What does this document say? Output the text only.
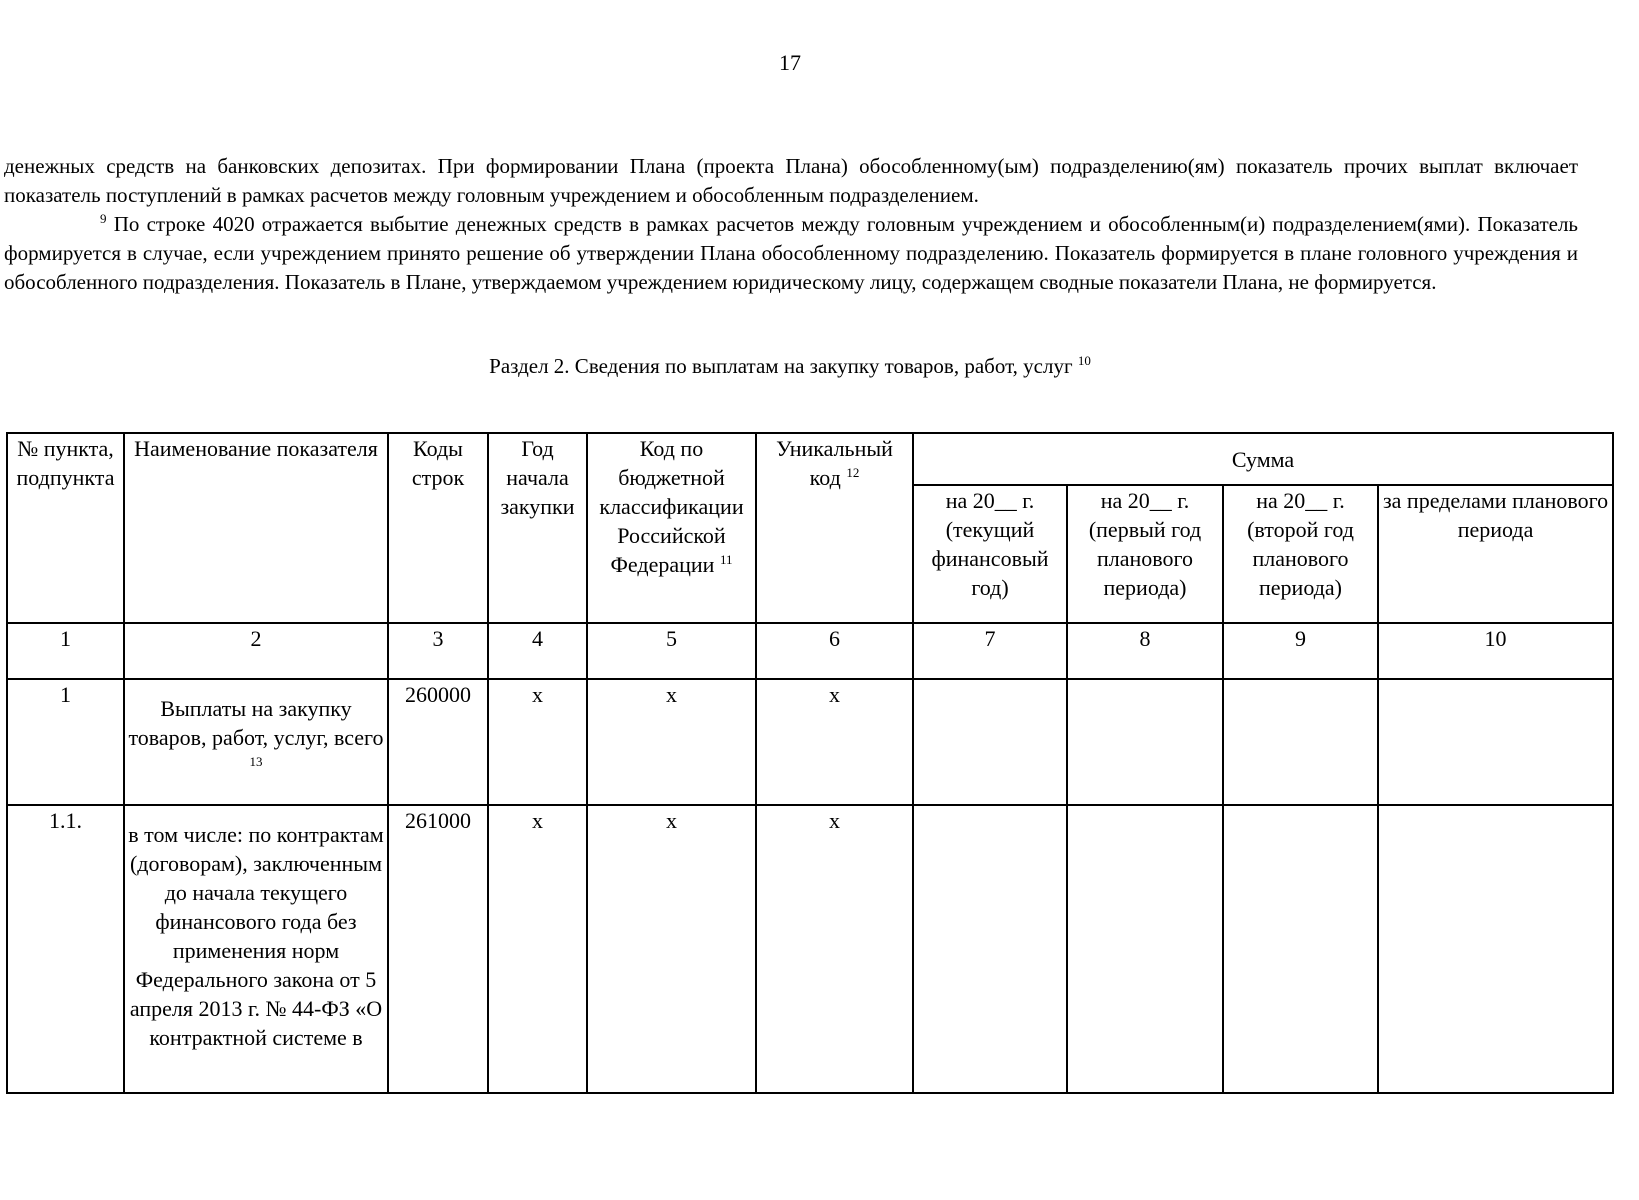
17

денежных средств на банковских депозитах. При формировании Плана (проекта Плана) обособленному(ым) подразделению(ям) показатель прочих выплат включает показатель поступлений в рамках расчетов между головным учреждением и обособленным подразделением.

$^9$ По строке 4020 отражается выбытие денежных средств в рамках расчетов между головным учреждением и обособленным(и) подразделением(ями). Показатель формируется в случае, если учреждением принято решение об утверждении Плана обособленному подразделению. Показатель формируется в плане головного учреждения и обособленного подразделения. Показатель в Плане, утверждаемом учреждением юридическому лицу, содержащем сводные показатели Плана, не формируется.

Раздел 2. Сведения по выплатам на закупку товаров, работ, услуг $^{10}$
№ пункта, подпункта	Наименование показателя	Коды строк	Год начала закупки	Код по бюджетной классификации Российской Федерации $^{11}$	Уникальный код $^{12}$	Сумма			
						на 20__ г. (текущий финансовый год)	на 20__ г. (первый год планового периода)	на 20__ г. (второй год планового периода)	за пределами планового периода
1	2	3	4	5	6	7	8	9	10
1	Выплаты на закупку товаров, работ, услуг, всего $^{13}$	260000	x	x	x				
1.1.	в том числе: по контрактам (договорам), заключенным до начала текущего финансового года без применения норм Федерального закона от 5 апреля 2013 г. № 44-ФЗ «О контрактной системе в	261000	x	x	x				
